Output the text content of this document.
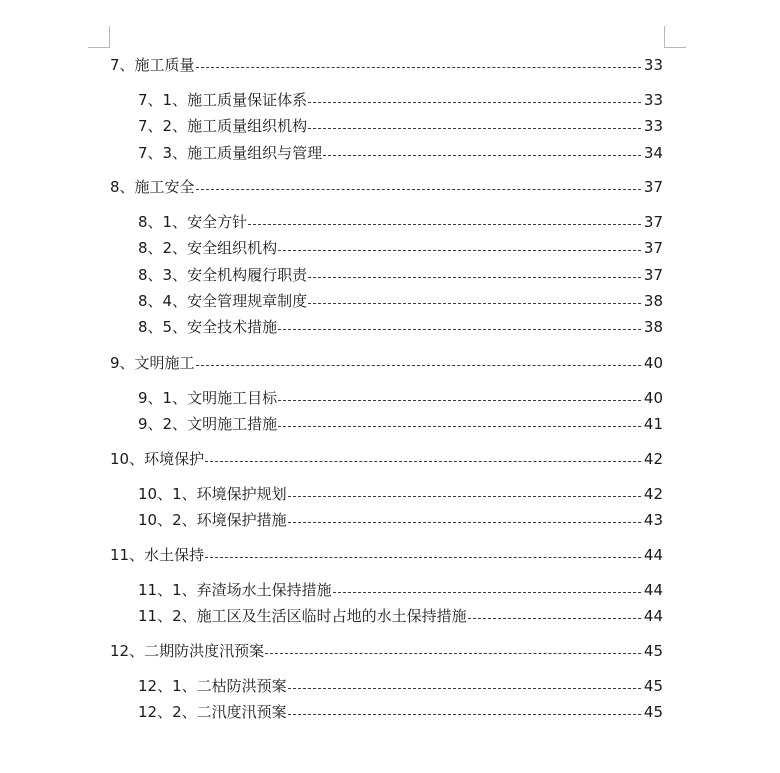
7、施工质量	33
7、1、施工质量保证体系	33
7、2、施工质量组织机构	33
7、3、施工质量组织与管理	34
8、施工安全	37
8、1、安全方针	37
8、2、安全组织机构	37
8、3、安全机构履行职责	37
8、4、安全管理规章制度	38
8、5、安全技术措施	38
9、文明施工	40
9、1、文明施工目标	40
9、2、文明施工措施	41
10、环境保护	42
10、1、环境保护规划	42
10、2、环境保护措施	43
11、水土保持	44
11、1、弃渣场水土保持措施	44
11、2、施工区及生活区临时占地的水土保持措施	44
12、二期防洪度汛预案	45
12、1、二枯防洪预案	45
12、2、二汛度汛预案	45
